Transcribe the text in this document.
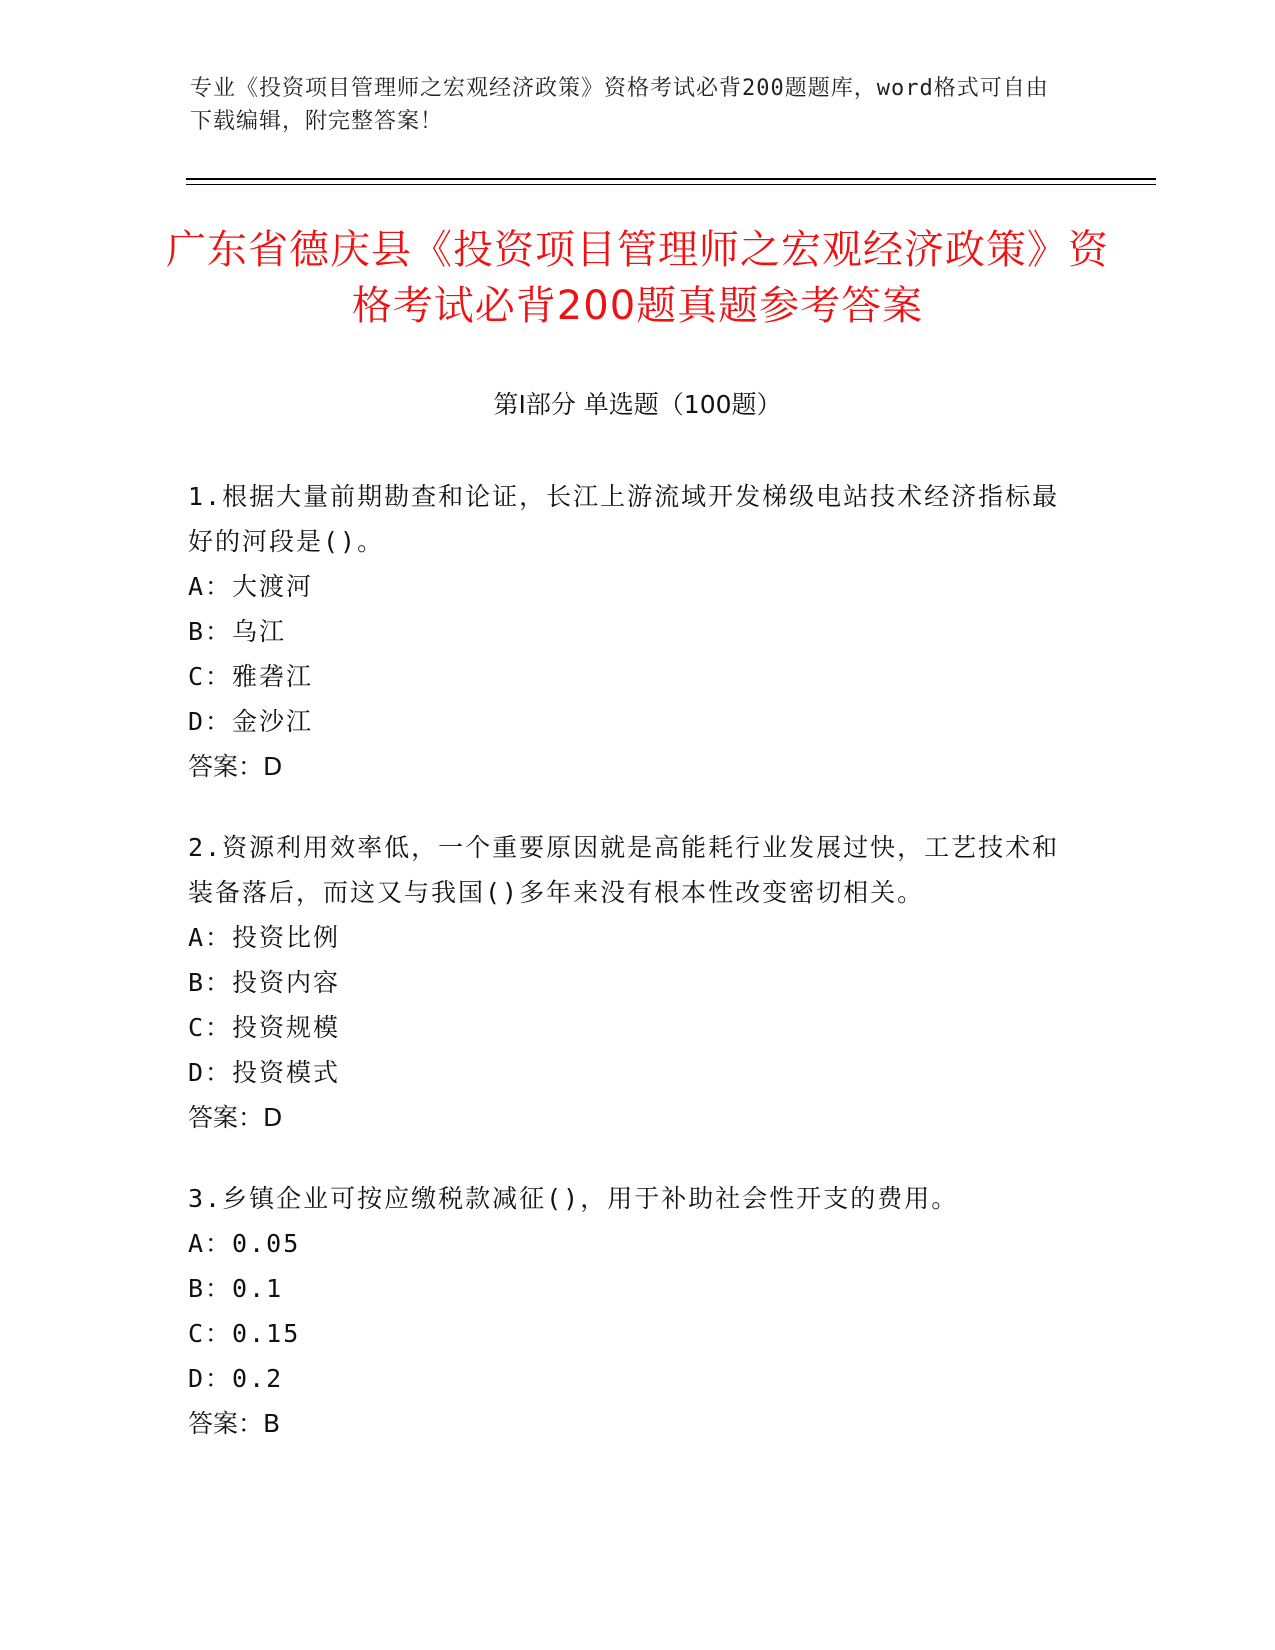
专业《投资项目管理师之宏观经济政策》资格考试必背200题题库，word格式可自由下载编辑，附完整答案！
广东省德庆县《投资项目管理师之宏观经济政策》资格考试必背200题真题参考答案
第Ⅰ部分 单选题（100题）

1.根据大量前期勘查和论证，长江上游流域开发梯级电站技术经济指标最好的河段是()。

A：大渡河

B：乌江

C：雅砻江

D：金沙江

答案：D

2.资源利用效率低，一个重要原因就是高能耗行业发展过快，工艺技术和装备落后，而这又与我国()多年来没有根本性改变密切相关。

A：投资比例

B：投资内容

C：投资规模

D：投资模式

答案：D

3.乡镇企业可按应缴税款减征()，用于补助社会性开支的费用。

A：0.05

B：0.1

C：0.15

D：0.2

答案：B
